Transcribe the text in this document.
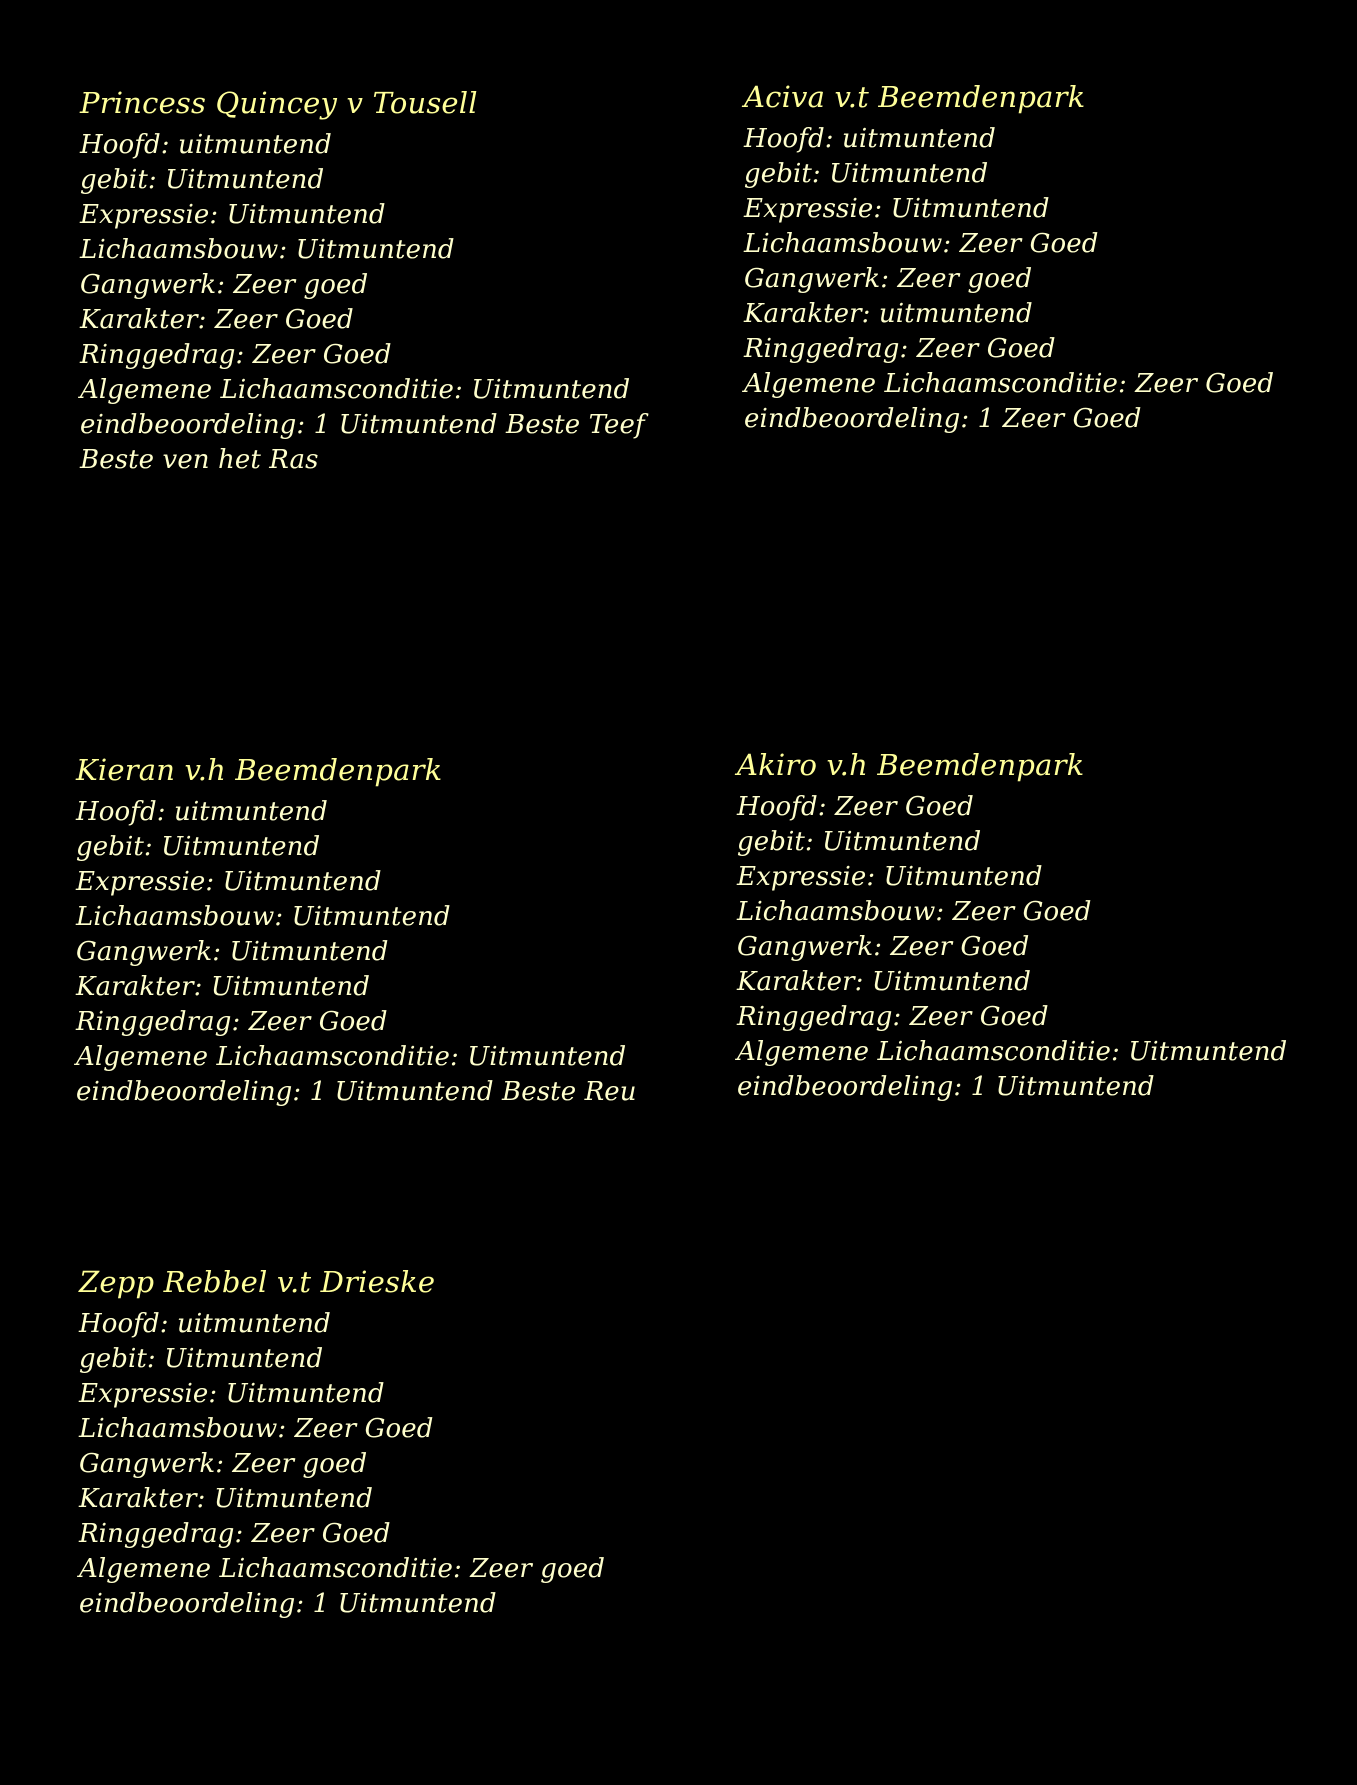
Princess Quincey v Tousell
Hoofd: uitmuntend
gebit: Uitmuntend
Expressie: Uitmuntend
Lichaamsbouw: Uitmuntend
Gangwerk: Zeer goed
Karakter: Zeer Goed
Ringgedrag: Zeer Goed
Algemene Lichaamsconditie: Uitmuntend
eindbeoordeling: 1 Uitmuntend Beste Teef
Beste ven het Ras
Aciva v.t Beemdenpark
Hoofd: uitmuntend
gebit: Uitmuntend
Expressie: Uitmuntend
Lichaamsbouw: Zeer Goed
Gangwerk: Zeer goed
Karakter: uitmuntend
Ringgedrag: Zeer Goed
Algemene Lichaamsconditie: Zeer Goed
eindbeoordeling: 1 Zeer Goed
Kieran v.h Beemdenpark
Hoofd: uitmuntend
gebit: Uitmuntend
Expressie: Uitmuntend
Lichaamsbouw: Uitmuntend
Gangwerk: Uitmuntend
Karakter: Uitmuntend
Ringgedrag: Zeer Goed
Algemene Lichaamsconditie: Uitmuntend
eindbeoordeling: 1 Uitmuntend Beste Reu
Akiro v.h Beemdenpark
Hoofd: Zeer Goed
gebit: Uitmuntend
Expressie: Uitmuntend
Lichaamsbouw: Zeer Goed
Gangwerk: Zeer Goed
Karakter: Uitmuntend
Ringgedrag: Zeer Goed
Algemene Lichaamsconditie: Uitmuntend
eindbeoordeling: 1 Uitmuntend
Zepp Rebbel v.t Drieske
Hoofd: uitmuntend
gebit: Uitmuntend
Expressie: Uitmuntend
Lichaamsbouw: Zeer Goed
Gangwerk: Zeer goed
Karakter: Uitmuntend
Ringgedrag: Zeer Goed
Algemene Lichaamsconditie: Zeer goed
eindbeoordeling: 1 Uitmuntend
